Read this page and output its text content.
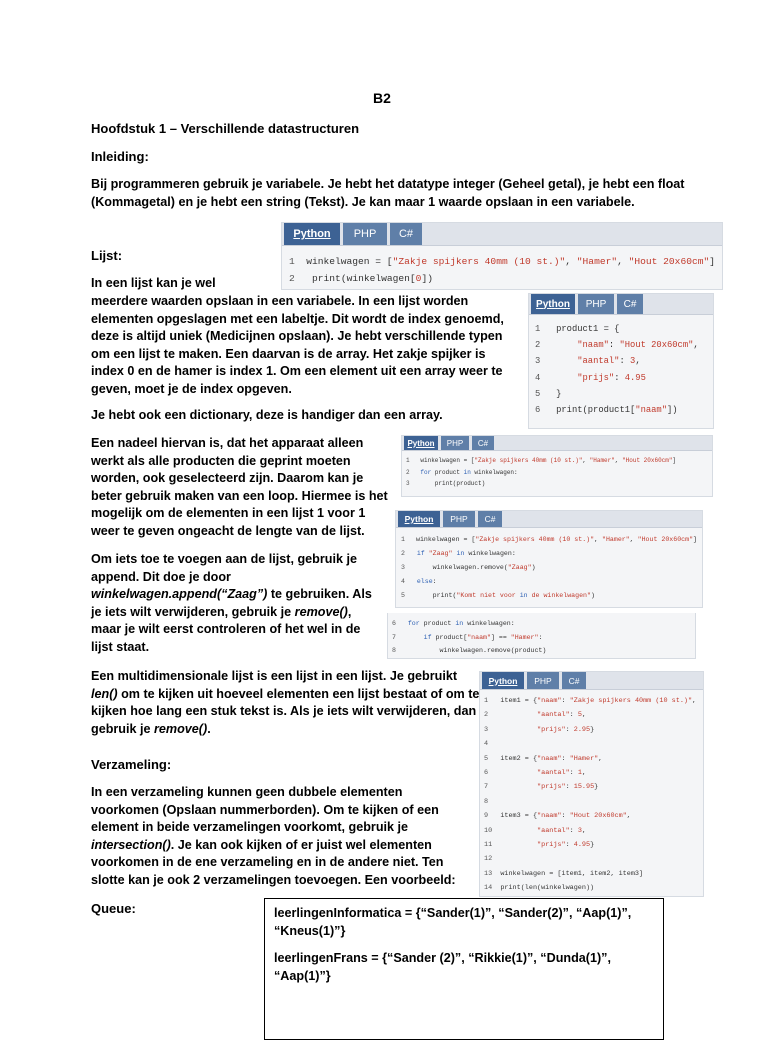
B2
Hoofdstuk 1 – Verschillende datastructuren
Inleiding:
Bij programmeren gebruik je variabele. Je hebt het datatype integer (Geheel getal), je hebt een float (Kommagetal) en je hebt een string (Tekst). Je kan maar 1 waarde opslaan in een variabele.
Lijst:
In een lijst kan je wel
meerdere waarden opslaan in een variabele. In een lijst worden elementen opgeslagen met een labeltje. Dit wordt de index genoemd, deze is altijd uniek (Medicijnen opslaan). Je hebt verschillende typen om een lijst te maken. Een daarvan is de array. Het zakje spijker is index 0 en de hamer is index 1. Om een element uit een array weer te geven, moet je de index opgeven.
Je hebt ook een dictionary, deze is handiger dan een array.
Een nadeel hiervan is, dat het apparaat alleen werkt als alle producten die geprint moeten worden, ook geselecteerd zijn. Daarom kan je beter gebruik maken van een loop. Hiermee is het mogelijk om de elementen in een lijst 1 voor 1 weer te geven ongeacht de lengte van de lijst.
Om iets toe te voegen aan de lijst, gebruik je append. Dit doe je door
winkelwagen.append(“Zaag”) te gebruiken. Als je iets wilt verwijderen, gebruik je remove(), maar je wilt eerst controleren of het wel in de lijst staat.
Een multidimensionale lijst is een lijst in een lijst. Je gebruikt len() om te kijken uit hoeveel elementen een lijst bestaat of om te kijken hoe lang een stuk tekst is. Als je iets wilt verwijderen, dan gebruik je remove().
Verzameling:
In een verzameling kunnen geen dubbele elementen voorkomen (Opslaan nummerborden). Om te kijken of een element in beide verzamelingen voorkomt, gebruik je intersection(). Je kan ook kijken of er juist wel elementen voorkomen in de ene verzameling en in de andere niet. Ten slotte kan je ook 2 verzamelingen toevoegen. Een voorbeeld:
Queue:	leerlingenInformatica = {“Sander(1)”, “Sander(2)”, “Aap(1)”, “Kneus(1)”}
leerlingenFrans = {“Sander (2)”, “Rikkie(1)”, “Dunda(1)”, “Aap(1)”}
Python	PHP	C#
1	winkelwagen = ["Zakje spijkers 40mm (10 st.)", "Hamer", "Hout 20x60cm"]
2	print(winkelwagen[0])
Python	PHP	C#
1	product1 = {
2	"naam": "Hout 20x60cm",
3	"aantal": 3,
4	"prijs": 4.95
5	}
6	print(product1["naam"])
Python	PHP	C#
1	winkelwagen = ["Zakje spijkers 40mm (10 st.)", "Hamer", "Hout 20x60cm"]
2	for product in winkelwagen:
3	print(product)
Python	PHP	C#
1	winkelwagen = ["Zakje spijkers 40mm (10 st.)", "Hamer", "Hout 20x60cm"]
2	if "Zaag" in winkelwagen:
3	winkelwagen.remove("Zaag")
4	else:
5	print("Komt niet voor in de winkelwagen")
6	for product in winkelwagen:
7	if product["naam"] == "Hamer":
8	winkelwagen.remove(product)
Python	PHP	C#
1	item1 = {"naam": "Zakje spijkers 40mm (10 st.)",
2	"aantal": 5,
3	"prijs": 2.95}
4
5	item2 = {"naam": "Hamer",
6	"aantal": 1,
7	"prijs": 15.95}
8
9	item3 = {"naam": "Hout 20x60cm",
10	"aantal": 3,
11	"prijs": 4.95}
12
13	winkelwagen = [item1, item2, item3]
14	print(len(winkelwagen))
